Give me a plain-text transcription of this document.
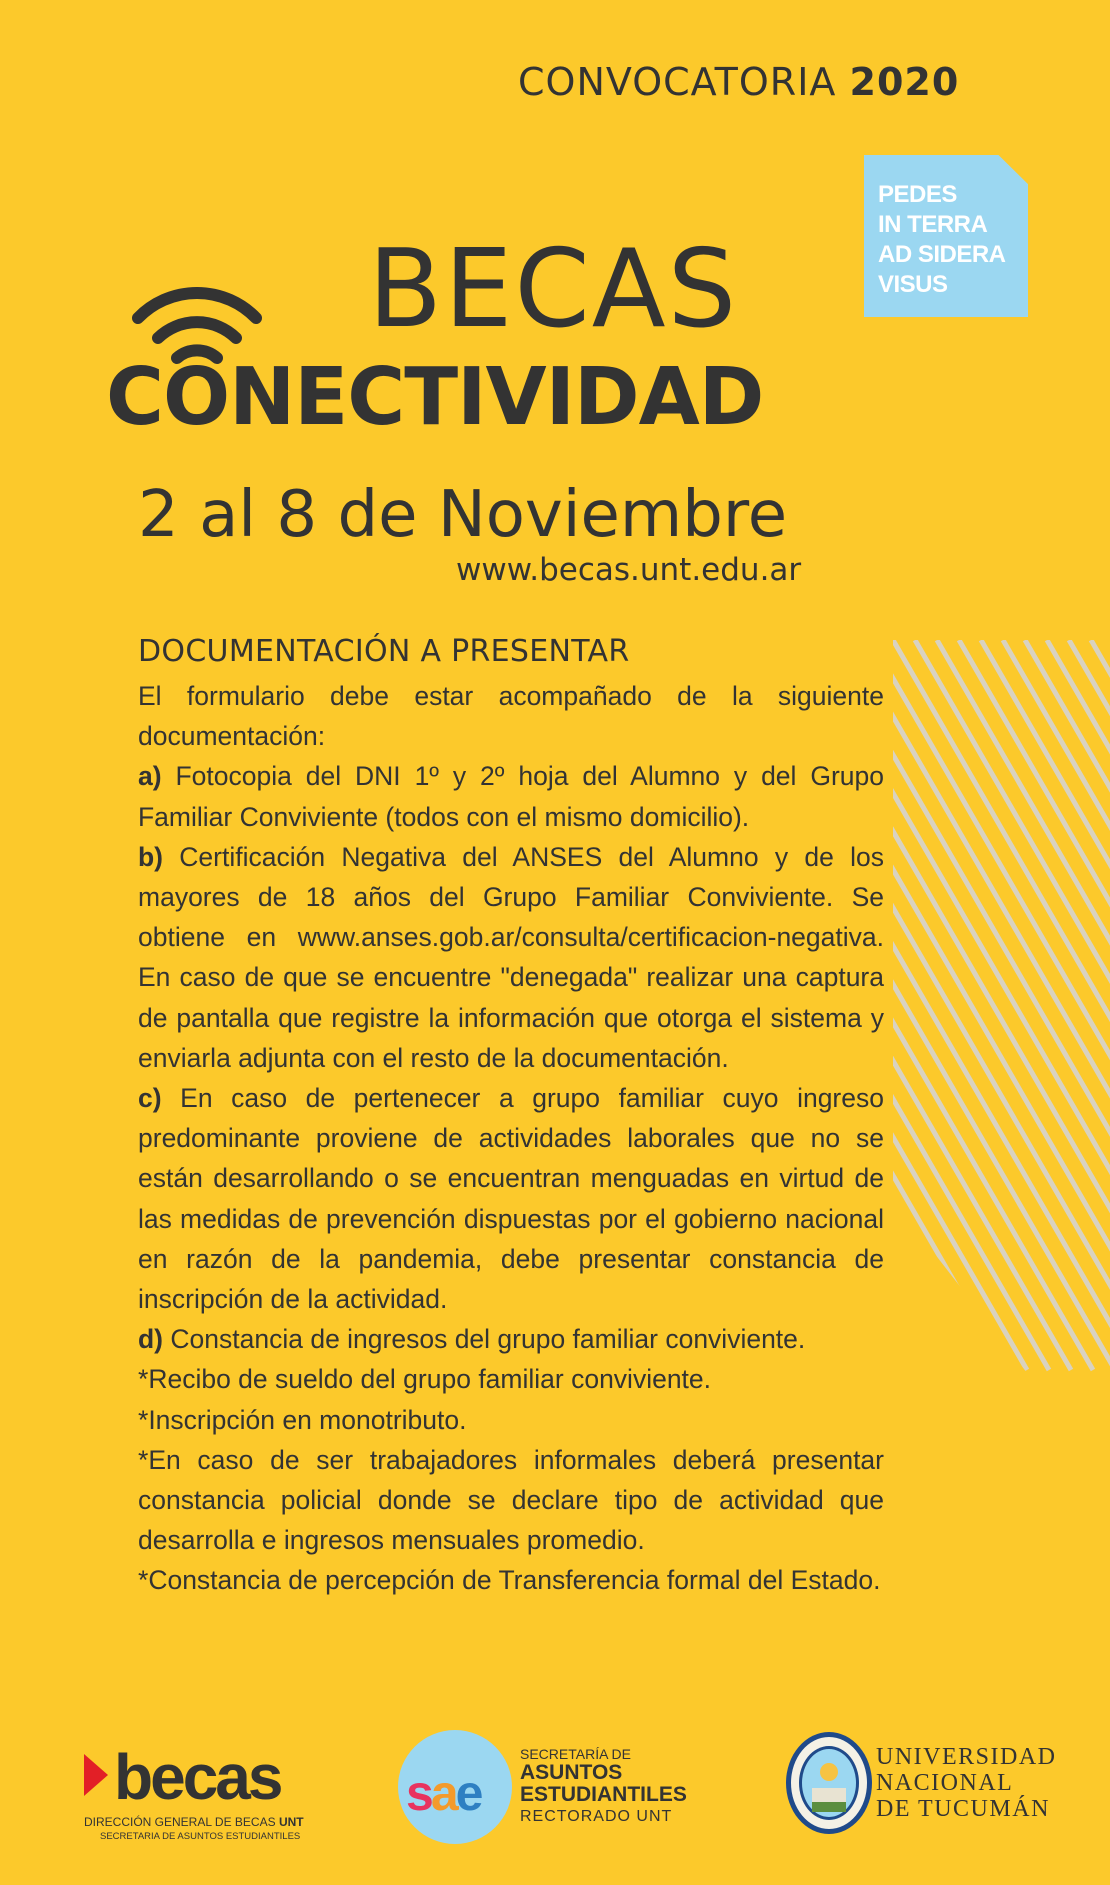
CONVOCATORIA 2020
PEDES
IN TERRA
AD SIDERA
VISUS
BECAS
CONECTIVIDAD
2 al 8 de Noviembre
www.becas.unt.edu.ar
DOCUMENTACIÓN A PRESENTAR

El formulario debe estar acompañado de la siguiente documentación:

a) Fotocopia del DNI 1º y 2º hoja del Alumno y del Grupo Familiar Conviviente (todos con el mismo domicilio).

b) Certificación Negativa del ANSES del Alumno y de los mayores de 18 años del Grupo Familiar Conviviente. Se obtiene en www.anses.gob.ar/consulta/certificacion-negativa. En caso de que se encuentre "denegada" realizar una captura de pantalla que registre la información que otorga el sistema y enviarla adjunta con el resto de la documentación.

c) En caso de pertenecer a grupo familiar cuyo ingreso predominante proviene de actividades laborales que no se están desarrollando o se encuentran menguadas en virtud de las medidas de prevención dispuestas por el gobierno nacional en razón de la pandemia, debe presentar constancia de inscripción de la actividad.

d) Constancia de ingresos del grupo familiar conviviente.

*Recibo de sueldo del grupo familiar conviviente.

*Inscripción en monotributo.

*En caso de ser trabajadores informales deberá presentar constancia policial donde se declare tipo de actividad que desarrolla e ingresos mensuales promedio.

*Constancia de percepción de Transferencia formal del Estado.

becas
DIRECCIÓN GENERAL DE BECAS UNT
SECRETARIA DE ASUNTOS ESTUDIANTILES
sae
SECRETARÍA DE
ASUNTOS
ESTUDIANTILES
RECTORADO UNT
UNIVERSIDAD
NACIONAL
DE TUCUMÁN
